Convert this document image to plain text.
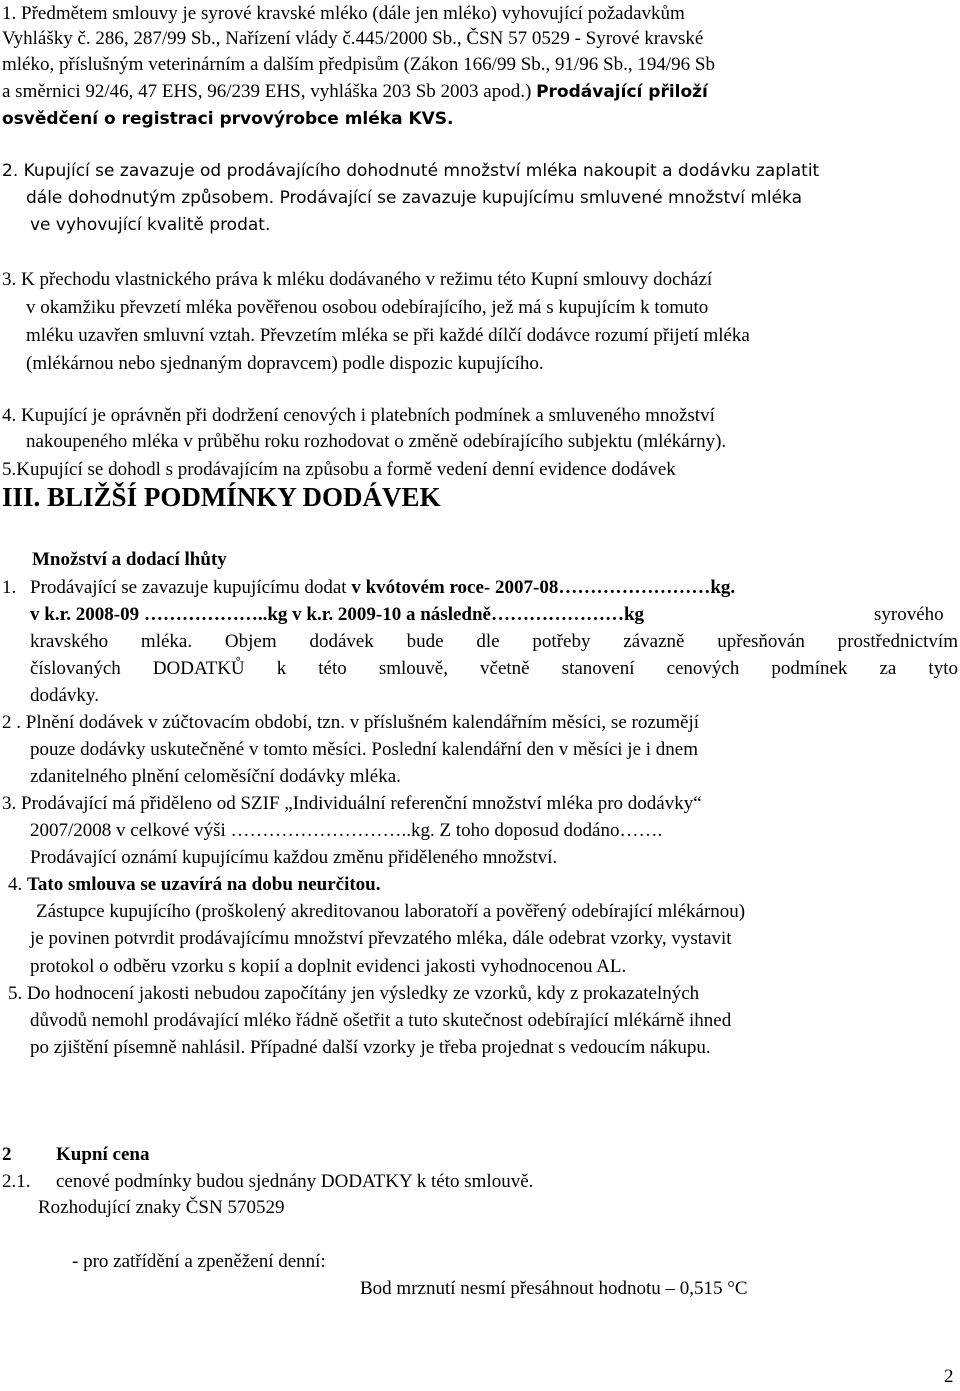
1. Předmětem smlouvy je syrové kravské mléko (dále jen mléko) vyhovující požadavkům
Vyhlášky č. 286, 287/99 Sb., Nařízení vlády č.445/2000 Sb., ČSN 57 0529 - Syrové kravské
mléko, příslušným veterinárním a dalším předpisům (Zákon 166/99 Sb., 91/96 Sb., 194/96 Sb
a směrnici 92/46, 47 EHS, 96/239 EHS, vyhláška 203 Sb 2003 apod.) Prodávající přiloží
osvědčení o registraci prvovýrobce mléka KVS.
2. Kupující se zavazuje od prodávajícího dohodnuté množství mléka nakoupit a dodávku zaplatit
dále dohodnutým způsobem. Prodávající se zavazuje kupujícímu smluvené množství mléka
ve vyhovující kvalitě prodat.
3. K přechodu vlastnického práva k mléku dodávaného v režimu této Kupní smlouvy dochází
v okamžiku převzetí mléka pověřenou osobou odebírajícího, jež má s kupujícím k tomuto
mléku uzavřen smluvní vztah. Převzetím mléka se při každé dílčí dodávce rozumí přijetí mléka
(mlékárnou nebo sjednaným dopravcem) podle dispozic kupujícího.
4. Kupující je oprávněn při dodržení cenových i platebních podmínek a smluveného množství
nakoupeného mléka v průběhu roku rozhodovat o změně odebírajícího subjektu (mlékárny).
5.Kupující se dohodl s prodávajícím na způsobu a formě vedení denní evidence dodávek
III. BLIŽŠÍ PODMÍNKY DODÁVEK
Množství a dodací lhůty
1. Prodávající se zavazuje kupujícímu dodat v kvótovém roce- 2007-08……………………kg.
v k.r. 2008-09 ………………..kg v k.r. 2009-10 a následně…………………kg	syrového
kravského mléka. Objem dodávek bude dle potřeby závazně upřesňován prostřednictvím
číslovaných DODATKŮ k této smlouvě, včetně stanovení cenových podmínek za tyto
dodávky.
2 . Plnění dodávek v zúčtovacím období, tzn. v příslušném kalendářním měsíci, se rozumějí
pouze dodávky uskutečněné v tomto měsíci. Poslední kalendářní den v měsíci je i dnem
zdanitelného plnění celoměsíční dodávky mléka.
3. Prodávající má přiděleno od SZIF „Individuální referenční množství mléka pro dodávky“
2007/2008 v celkové výši ………………………..kg. Z toho doposud dodáno…….
Prodávající oznámí kupujícímu každou změnu přiděleného množství.
4. Tato smlouva se uzavírá na dobu neurčitou.
Zástupce kupujícího (proškolený akreditovanou laboratoří a pověřený odebírající mlékárnou)
je povinen potvrdit prodávajícímu množství převzatého mléka, dále odebrat vzorky, vystavit
protokol o odběru vzorku s kopií a doplnit evidenci jakosti vyhodnocenou AL.
5. Do hodnocení jakosti nebudou započítány jen výsledky ze vzorků, kdy z prokazatelných
důvodů nemohl prodávající mléko řádně ošetřit a tuto skutečnost odebírající mlékárně ihned
po zjištění písemně nahlásil. Případné další vzorky je třeba projednat s vedoucím nákupu.
2 Kupní cena
2.1. cenové podmínky budou sjednány DODATKY k této smlouvě.
Rozhodující znaky ČSN 570529
- pro zatřídění a zpeněžení denní:
Bod mrznutí nesmí přesáhnout hodnotu – 0,515 °C
2
